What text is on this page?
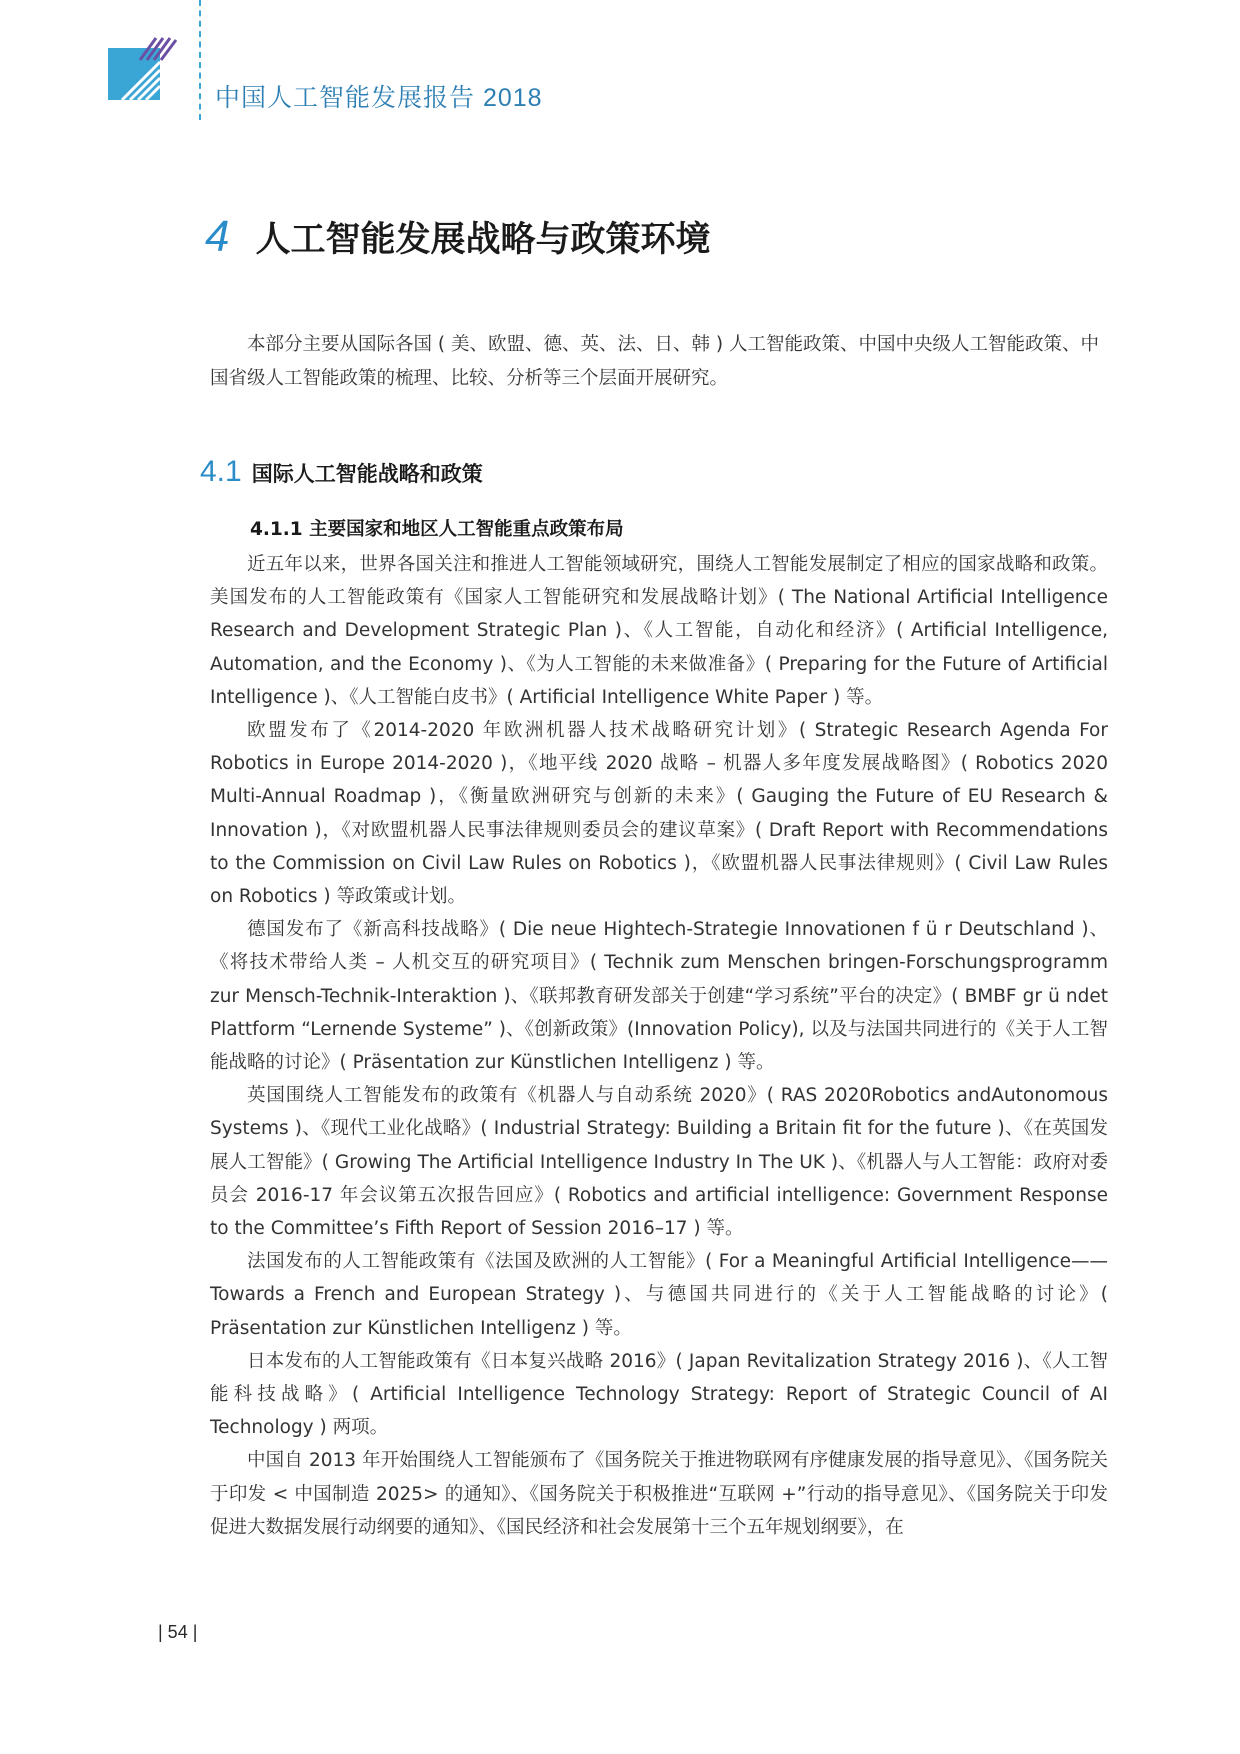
CISTP	中国人工智能发展报告 2018
4 人工智能发展战略与政策环境

本部分主要从国际各国 ( 美、欧盟、德、英、法、日、韩 ) 人工智能政策、中国中央级人工智能政策、中国省级人工智能政策的梳理、比较、分析等三个层面开展研究。

4.1 国际人工智能战略和政策
4.1.1 主要国家和地区人工智能重点政策布局

近五年以来，世界各国关注和推进人工智能领域研究，围绕人工智能发展制定了相应的国家战略和政策。美国发布的人工智能政策有《国家人工智能研究和发展战略计划》( The National Artificial Intelligence Research and Development Strategic Plan )、《人工智能，自动化和经济》( Artificial Intelligence, Automation, and the Economy )、《为人工智能的未来做准备》( Preparing for the Future of Artificial Intelligence )、《人工智能白皮书》( Artificial Intelligence White Paper ) 等。

欧盟发布了《2014-2020 年欧洲机器人技术战略研究计划》( Strategic Research Agenda For Robotics in Europe 2014-2020 )，《地平线 2020 战略 – 机器人多年度发展战略图》( Robotics 2020 Multi-Annual Roadmap )，《衡量欧洲研究与创新的未来》( Gauging the Future of EU Research & Innovation )，《对欧盟机器人民事法律规则委员会的建议草案》( Draft Report with Recommendations to the Commission on Civil Law Rules on Robotics )，《欧盟机器人民事法律规则》( Civil Law Rules on Robotics ) 等政策或计划。

德国发布了《新高科技战略》( Die neue Hightech-Strategie Innovationen f ü r Deutschland )、《将技术带给人类 – 人机交互的研究项目》( Technik zum Menschen bringen-Forschungsprogramm zur Mensch-Technik-Interaktion )、《联邦教育研发部关于创建“学习系统”平台的决定》( BMBF gr ü ndet Plattform “Lernende Systeme” )、《创新政策》(Innovation Policy), 以及与法国共同进行的《关于人工智能战略的讨论》( Präsentation zur Künstlichen Intelligenz ) 等。

英国围绕人工智能发布的政策有《机器人与自动系统 2020》( RAS 2020Robotics andAutonomous Systems )、《现代工业化战略》( Industrial Strategy: Building a Britain fit for the future )、《在英国发展人工智能》( Growing The Artificial Intelligence Industry In The UK )、《机器人与人工智能：政府对委员会 2016-17 年会议第五次报告回应》( Robotics and artificial intelligence: Government Response to the Committee’s Fifth Report of Session 2016–17 ) 等。

法国发布的人工智能政策有《法国及欧洲的人工智能》( For a Meaningful Artificial Intelligence——Towards a French and European Strategy )、与德国共同进行的《关于人工智能战略的讨论》( Präsentation zur Künstlichen Intelligenz ) 等。

日本发布的人工智能政策有《日本复兴战略 2016》( Japan Revitalization Strategy 2016 )、《人工智能科技战略》( Artificial Intelligence Technology Strategy: Report of Strategic Council of AI Technology ) 两项。

中国自 2013 年开始围绕人工智能颁布了《国务院关于推进物联网有序健康发展的指导意见》、《国务院关于印发 < 中国制造 2025> 的通知》、《国务院关于积极推进“互联网 +”行动的指导意见》、《国务院关于印发促进大数据发展行动纲要的通知》、《国民经济和社会发展第十三个五年规划纲要》，在

| 54 |
